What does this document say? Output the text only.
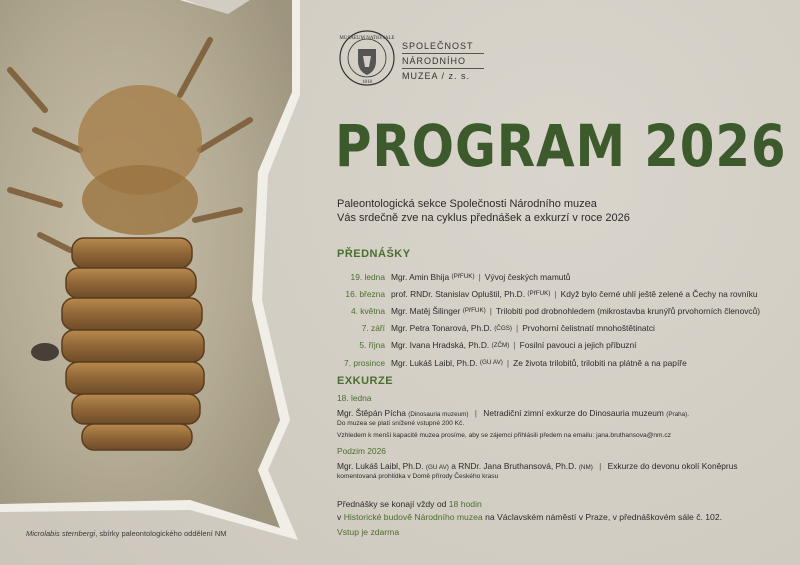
Microlabis sternbergi, sbírky paleontologického oddělení NM
MUSAEUM NATIONALE
1818
SPOLEČNOST
NÁRODNÍHO
MUZEA / z. s.
PROGRAM 2026
Paleontologická sekce Společnosti Národního muzea
Vás srdečně zve na cyklus přednášek a exkurzí v roce 2026
PŘEDNÁŠKY
19. ledna Mgr. Amin Bhija
(PřFUK) | Vývoj českých mamutů
16. března prof. RNDr. Stanislav Opluštil, Ph.D.
(PřFUK) | Když bylo černé uhlí ještě zelené a Čechy na rovníku
4. května Mgr. Matěj Šilinger
(PřFUK) | Trilobiti pod drobnohledem (mikrostavba krunýřů prvohorních členovců)
7. září Mgr. Petra Tonarová, Ph.D.
(ČGS) | Prvohorní čelistnatí mnohoštětinatci
5. října Mgr. Ivana Hradská, Ph.D.
(ZČM) | Fosilní pavouci a jejich příbuzní
7. prosince Mgr. Lukáš Laibl, Ph.D.
(GU AV) | Ze života trilobitů, trilobiti na plátně a na papíře
EXKURZE
18. ledna
Mgr. Štěpán Pícha (Dinosauria muzeum) | Netradiční zimní exkurze do Dinosauria muzeum (Praha).
Do muzea se platí snížené vstupné 200 Kč.
Vzhledem k menší kapacitě muzea prosíme, aby se zájemci přihlásili předem na emailu: jana.bruthansova@nm.cz
Podzim 2026
Mgr. Lukáš Laibl, Ph.D. (GU AV) a RNDr. Jana Bruthansová, Ph.D. (NM) | Exkurze do devonu okolí Koněprus
komentovaná prohlídka v Domě přírody Českého krasu
Přednášky se konají vždy od 18 hodin
v Historické budově Národního muzea na Václavském náměstí v Praze, v přednáškovém sále č. 102.
Vstup je zdarma
